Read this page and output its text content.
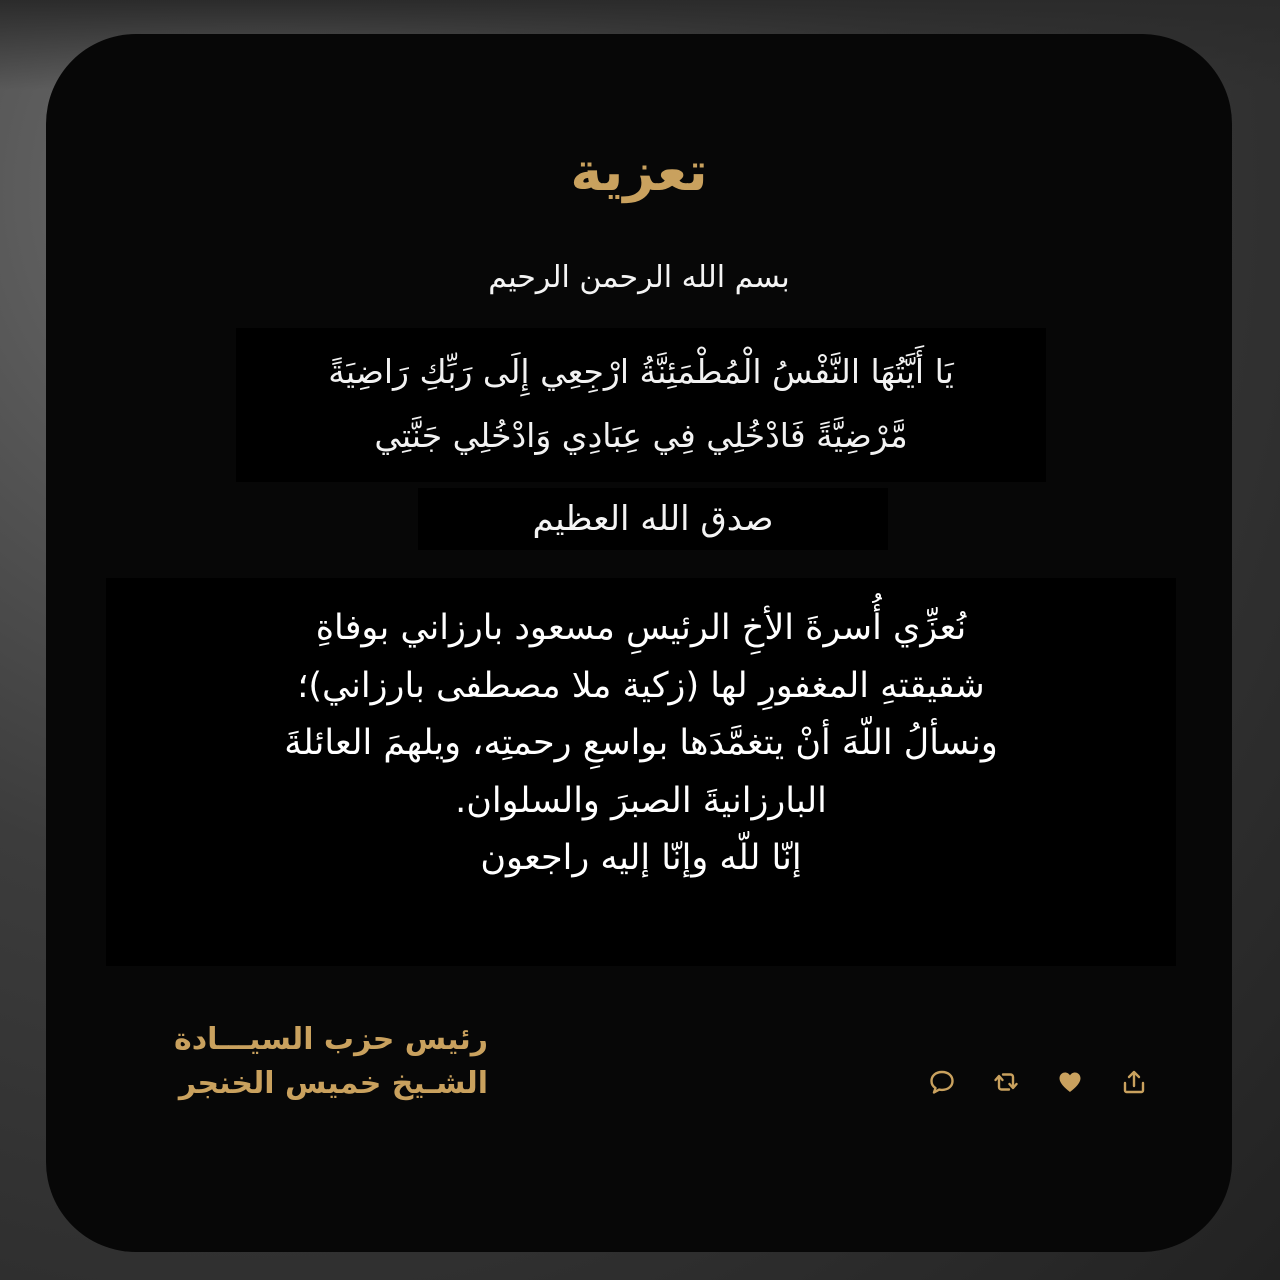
تعزية
بسم الله الرحمن الرحيم
يَا أَيَّتُهَا النَّفْسُ الْمُطْمَئِنَّةُ ارْجِعِي إِلَى رَبِّكِ رَاضِيَةً
مَّرْضِيَّةً فَادْخُلِي فِي عِبَادِي وَادْخُلِي جَنَّتِي
صدق الله العظيم
نُعزِّي أُسرةَ الأخِ الرئيسِ مسعود بارزاني بوفاةِ
شقيقتهِ المغفورِ لها (زكية ملا مصطفى بارزاني)؛
ونسألُ اللّهَ أنْ يتغمَّدَها بواسعِ رحمتِه، ويلهمَ العائلةَ
البارزانيةَ الصبرَ والسلوان.
إنّا للّه وإنّا إليه راجعون
رئيس حزب السيـــادة
الشـيخ خميس الخنجر
